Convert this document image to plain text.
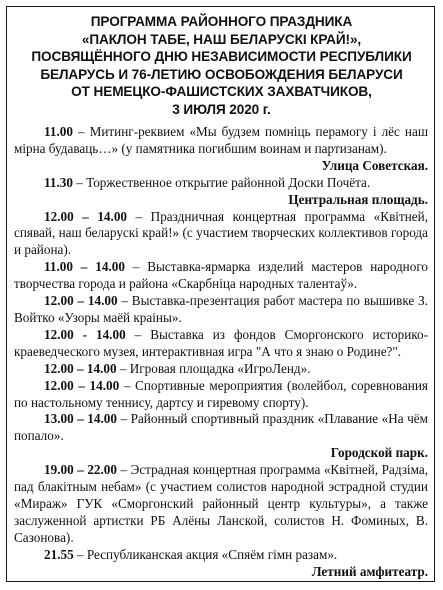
ПРОГРАММА РАЙОННОГО ПРАЗДНИКА
«ПАКЛОН ТАБЕ, НАШ БЕЛАРУСКІ КРАЙ!»,
ПОСВЯЩЁННОГО ДНЮ НЕЗАВИСИМОСТИ РЕСПУБЛИКИ
БЕЛАРУСЬ И 76-ЛЕТИЮ ОСВОБОЖДЕНИЯ БЕЛАРУСИ
ОТ НЕМЕЦКО-ФАШИСТСКИХ ЗАХВАТЧИКОВ,
3 ИЮЛЯ 2020 г.

11.00 – Митинг-реквием «Мы будзем помніць перамогу і лёс наш мірна будаваць…» (у памятника погибшим воинам и партизанам).

Улица Советская.

11.30 – Торжественное открытие районной Доски Почёта.

Центральная площадь.

12.00 – 14.00 – Праздничная концертная программа «Квітней, спявай, наш беларускі край!» (с участием творческих коллективов города и района).

11.00 – 14.00 – Выставка-ярмарка изделий мастеров народного творчества города и района «Скарбніца народных талентаў».

12.00 – 14.00 – Выставка-презентация работ мастера по вышивке З. Войтко «Узоры маёй краіны».

12.00 - 14.00 – Выставка из фондов Сморгонского историко-краеведческого музея, интерактивная игра "А что я знаю о Родине?".

12.00 – 14.00 – Игровая площадка «ИгроЛенд».

12.00 – 14.00 – Спортивные мероприятия (волейбол, соревнования по настольному теннису, дартсу и гиревому спорту).

13.00 – 14.00 – Районный спортивный праздник «Плавание «На чём попало».

Городской парк.

19.00 – 22.00 – Эстрадная концертная программа «Квітней, Радзіма, пад блакітным небам» (с участием солистов народной эстрадной студии «Мираж» ГУК «Сморгонский районный центр культуры», а также заслуженной артистки РБ Алёны Ланской, солистов Н. Фоминых, В. Сазонова).

21.55 – Республиканская акция «Спяём гімн разам».

Летний амфитеатр.
